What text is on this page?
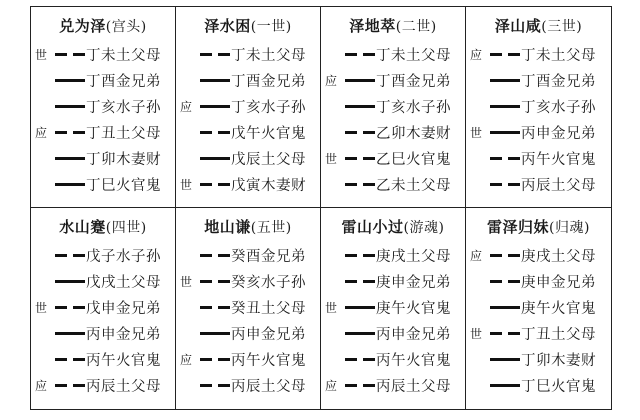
兑为泽(宫头)
世	丁未土父母
丁酉金兄弟
丁亥水子孙
应	丁丑土父母
丁卯木妻财
丁巳火官鬼
泽水困(一世)
丁未土父母
丁酉金兄弟
应	丁亥水子孙
戊午火官鬼
戊辰土父母
世	戊寅木妻财
泽地萃(二世)
丁未土父母
应	丁酉金兄弟
丁亥水子孙
乙卯木妻财
世	乙巳火官鬼
乙未土父母
泽山咸(三世)
应	丁未土父母
丁酉金兄弟
丁亥水子孙
世	丙申金兄弟
丙午火官鬼
丙辰土父母
水山蹇(四世)
戊子水子孙
戊戌土父母
世	戊申金兄弟
丙申金兄弟
丙午火官鬼
应	丙辰土父母
地山谦(五世)
癸酉金兄弟
世	癸亥水子孙
癸丑土父母
丙申金兄弟
应	丙午火官鬼
丙辰土父母
雷山小过(游魂)
庚戌土父母
庚申金兄弟
世	庚午火官鬼
丙申金兄弟
丙午火官鬼
应	丙辰土父母
雷泽归妹(归魂)
应	庚戌土父母
庚申金兄弟
庚午火官鬼
世	丁丑土父母
丁卯木妻财
丁巳火官鬼
